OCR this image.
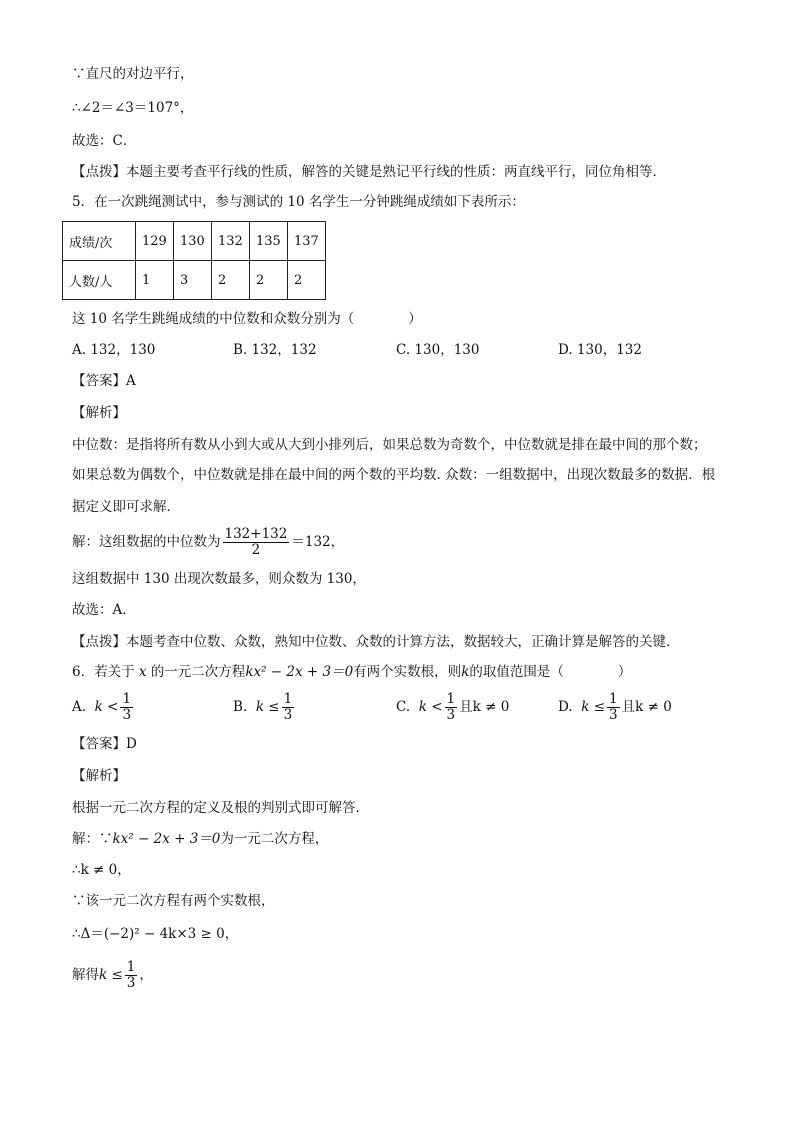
∵直尺的对边平行，
∴∠2＝∠3＝107°，
故选：C．
【点拨】本题主要考查平行线的性质，解答的关键是熟记平行线的性质：两直线平行，同位角相等．
5．在一次跳绳测试中，参与测试的 10 名学生一分钟跳绳成绩如下表所示：
成绩/次	129	130	132	135	137
人数/人	1	3	2	2	2
这 10 名学生跳绳成绩的中位数和众数分别为（　　　　）
A. 132，130	B. 132，132	C. 130，130	D. 130，132
【答案】A
【解析】
中位数：是指将所有数从小到大或从大到小排列后，如果总数为奇数个，中位数就是排在最中间的那个数；
如果总数为偶数个，中位数就是排在最中间的两个数的平均数. 众数：一组数据中，出现次数最多的数据．根
据定义即可求解．
解：这组数据的中位数为 $\frac{132+132}{2} =132$，
这组数据中 130 出现次数最多，则众数为 130，
故选：A．
【点拨】本题考查中位数、众数，熟知中位数、众数的计算方法，数据较大，正确计算是解答的关键．
6．若关于 x 的一元二次方程kx² − 2x + 3＝0有两个实数根，则k的取值范围是（　　　　）
A. $k < \frac{1}{3}$	B. $k \le \frac{1}{3}$	C. $k < \frac{1}{3}$ 且k ≠ 0	D. $k \le \frac{1}{3}$ 且k ≠ 0
【答案】D
【解析】
根据一元二次方程的定义及根的判别式即可解答．
解：∵kx² − 2x + 3＝0为一元二次方程，
∴k ≠ 0，
∵该一元二次方程有两个实数根，
∴Δ＝(−2)² − 4k×3 ≥ 0，
解得$k \le \frac{1}{3}$ ，
